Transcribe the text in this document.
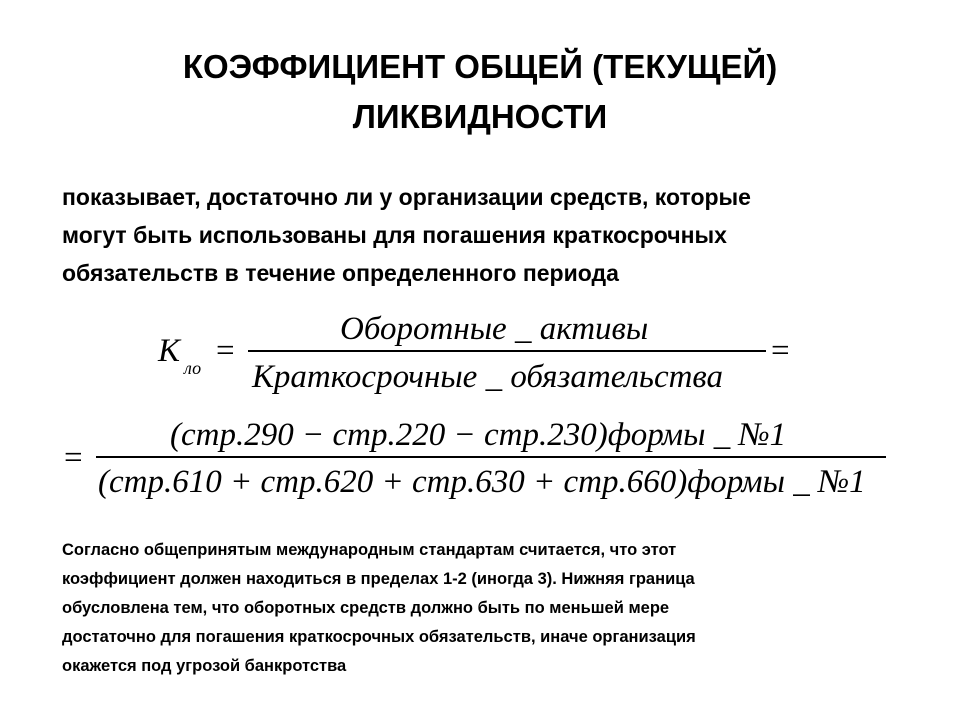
КОЭФФИЦИЕНТ ОБЩЕЙ (ТЕКУЩЕЙ)
ЛИКВИДНОСТИ
показывает, достаточно ли у организации средств, которые
могут быть использованы для погашения краткосрочных
обязательств в течение определенного периода
К ло =
Оборотные _ активы
Краткосрочные _ обязательства
=
=
(стр.290 − стр.220 − стр.230)формы _ №1
(стр.610 + стр.620 + стр.630 + стр.660)формы _ №1
Согласно общепринятым международным стандартам считается, что этот
коэффициент должен находиться в пределах 1-2 (иногда 3). Нижняя граница
обусловлена тем, что оборотных средств должно быть по меньшей мере
достаточно для погашения краткосрочных обязательств, иначе организация
окажется под угрозой банкротства
